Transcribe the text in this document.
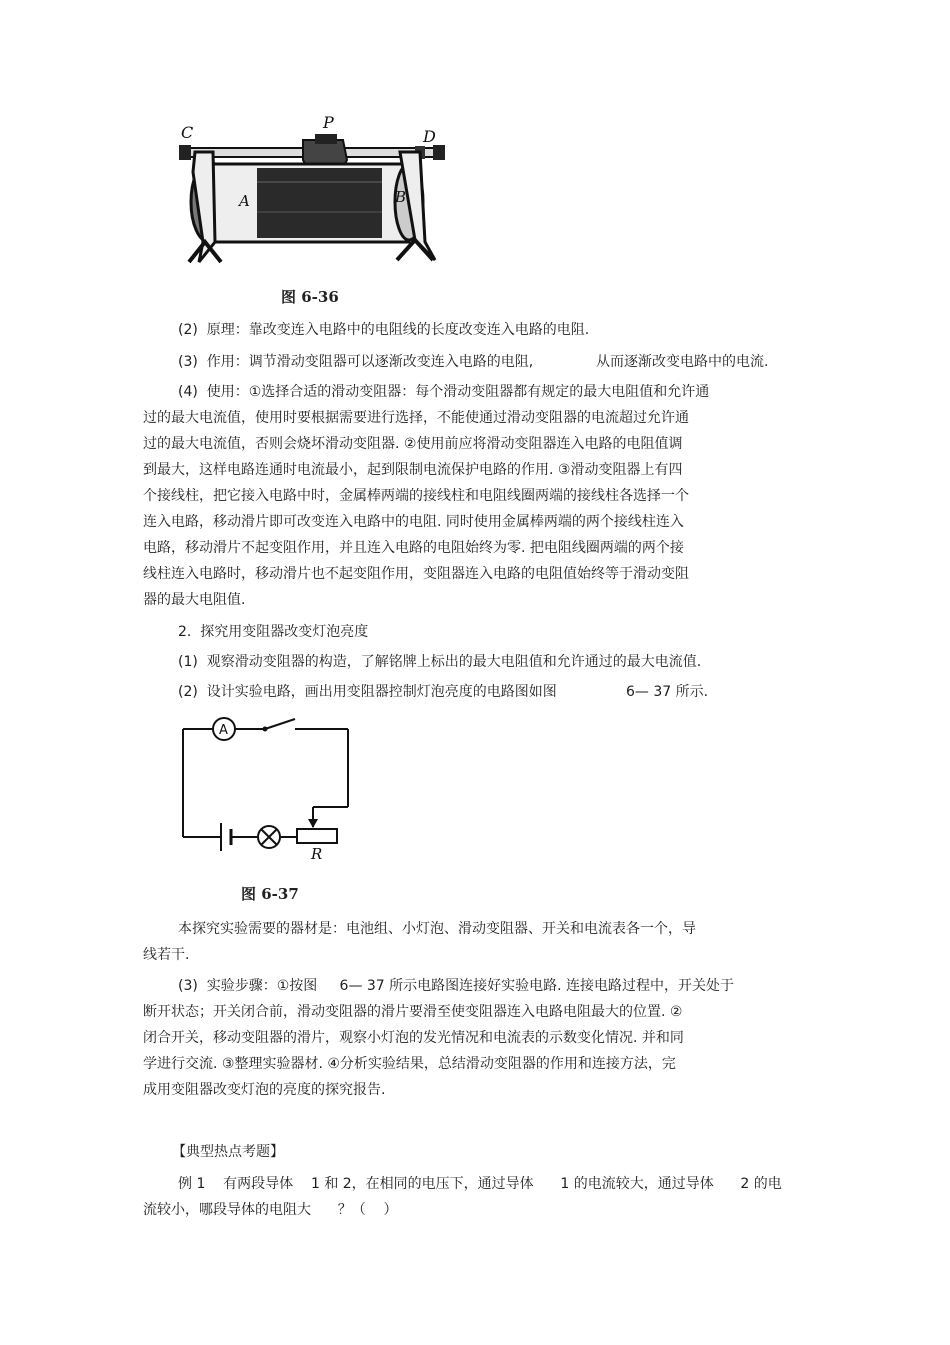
C
P
D
A	B
图 6-36
(2)  原理：靠改变连入电路中的电阻线的长度改变连入电路的电阻.
(3)  作用：调节滑动变阻器可以逐渐改变连入电路的电阻,	从而逐渐改变电路中的电流.
(4)  使用：①选择合适的滑动变阻器：每个滑动变阻器都有规定的最大电阻值和允许通
过的最大电流值，使用时要根据需要进行选择，不能使通过滑动变阻器的电流超过允许通
过的最大电流值，否则会烧坏滑动变阻器. ②使用前应将滑动变阻器连入电路的电阻值调
到最大，这样电路连通时电流最小，起到限制电流保护电路的作用. ③滑动变阻器上有四
个接线柱，把它接入电路中时，金属棒两端的接线柱和电阻线圈两端的接线柱各选择一个
连入电路，移动滑片即可改变连入电路中的电阻. 同时使用金属棒两端的两个接线柱连入
电路，移动滑片不起变阻作用，并且连入电路的电阻始终为零. 把电阻线圈两端的两个接
线柱连入电路时，移动滑片也不起变阻作用，变阻器连入电路的电阻值始终等于滑动变阻
器的最大电阻值.
2.  探究用变阻器改变灯泡亮度
(1)  观察滑动变阻器的构造，了解铭牌上标出的最大电阻值和允许通过的最大电流值.
(2)  设计实验电路，画出用变阻器控制灯泡亮度的电路图如图	6— 37 所示.
A
R
图 6-37
本探究实验需要的器材是：电池组、小灯泡、滑动变阻器、开关和电流表各一个，导
线若干.
(3)  实验步骤：①按图     6— 37 所示电路图连接好实验电路. 连接电路过程中，开关处于
断开状态；开关闭合前，滑动变阻器的滑片要滑至使变阻器连入电路电阻最大的位置. ②
闭合开关，移动变阻器的滑片，观察小灯泡的发光情况和电流表的示数变化情况. 并和同
学进行交流. ③整理实验器材. ④分析实验结果，总结滑动变阻器的作用和连接方法，完
成用变阻器改变灯泡的亮度的探究报告.
【典型热点考题】
例 1    有两段导体    1 和 2，在相同的电压下，通过导体      1 的电流较大，通过导体      2 的电
流较小，哪段导体的电阻大      ？（    ）
